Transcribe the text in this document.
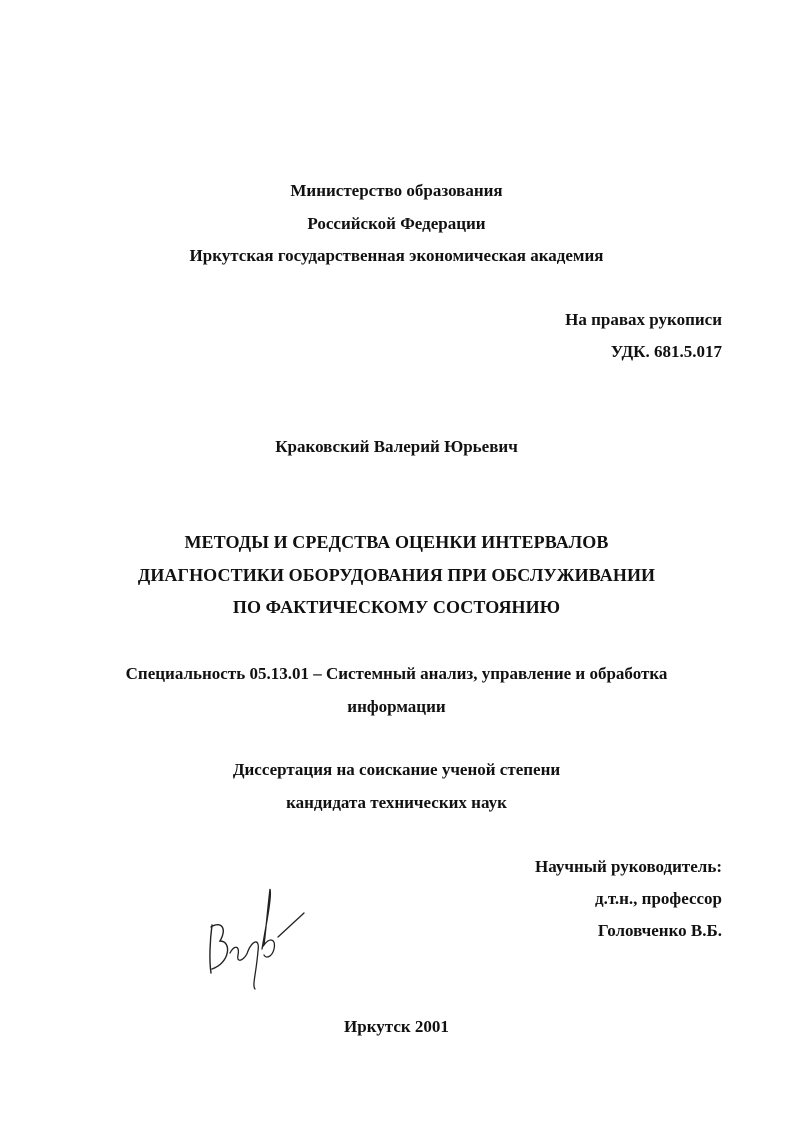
Министерство образования
Российской Федерации
Иркутская государственная экономическая академия
На правах рукописи
УДК. 681.5.017
Краковский Валерий Юрьевич
МЕТОДЫ И СРЕДСТВА ОЦЕНКИ ИНТЕРВАЛОВ
ДИАГНОСТИКИ ОБОРУДОВАНИЯ ПРИ ОБСЛУЖИВАНИИ
ПО ФАКТИЧЕСКОМУ СОСТОЯНИЮ
Специальность 05.13.01 – Системный анализ, управление и обработка
информации
Диссертация на соискание ученой степени
кандидата технических наук
Научный руководитель:
д.т.н., профессор
Головченко В.Б.
Иркутск 2001
